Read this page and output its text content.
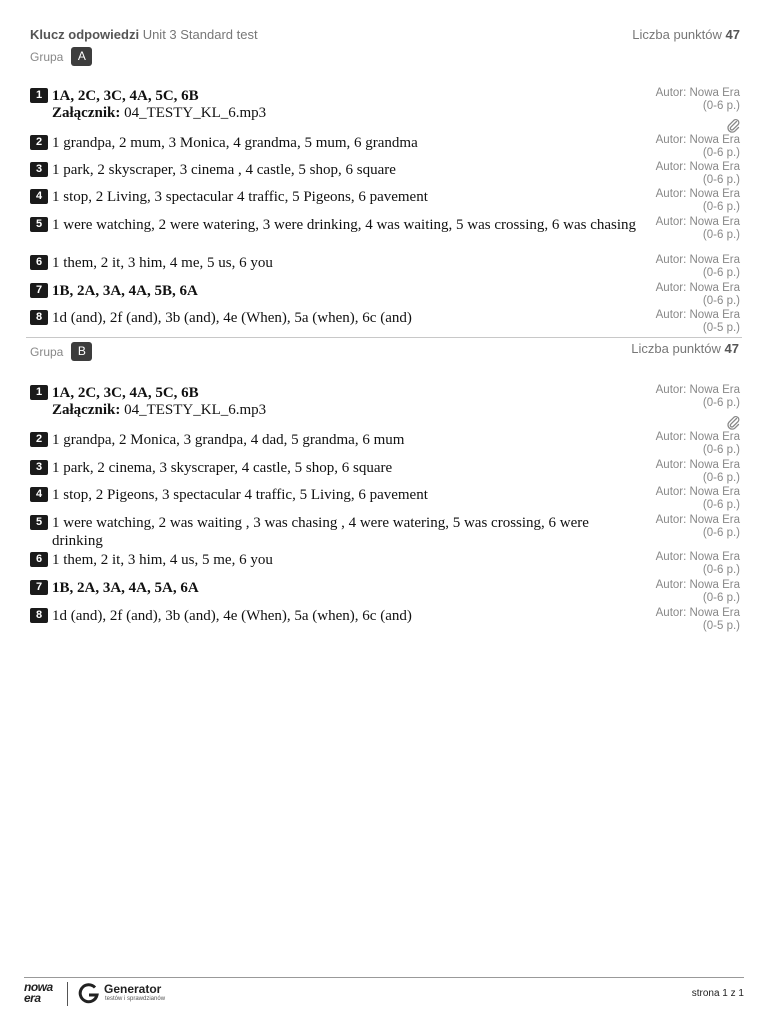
Klucz odpowiedzi Unit 3 Standard test	Liczba punktów 47
Grupa	A
1 1A, 2C, 3C, 4A, 5C, 6B
Załącznik: 04_TESTY_KL_6.mp3
Autor: Nowa Era
(0-6 p.)
2 1 grandpa, 2 mum, 3 Monica, 4 grandma, 5 mum, 6 grandma	Autor: Nowa Era
(0-6 p.)
3 1 park, 2 skyscraper, 3 cinema , 4 castle, 5 shop, 6 square	Autor: Nowa Era
(0-6 p.)
4 1 stop, 2 Living, 3 spectacular 4 traffic, 5 Pigeons, 6 pavement	Autor: Nowa Era
(0-6 p.)
5 1 were watching, 2 were watering, 3 were drinking, 4 was waiting, 5 was crossing, 6 was chasing Autor: Nowa Era
(0-6 p.)
6 1 them, 2 it, 3 him, 4 me, 5 us, 6 you	Autor: Nowa Era
(0-6 p.)
7 1B, 2A, 3A, 4A, 5B, 6A	Autor: Nowa Era
(0-6 p.)
8 1d (and), 2f (and), 3b (and), 4e (When), 5a (when), 6c (and)	Autor: Nowa Era
(0-5 p.)
Grupa	B	Liczba punktów 47
1 1A, 2C, 3C, 4A, 5C, 6B
Załącznik: 04_TESTY_KL_6.mp3
Autor: Nowa Era
(0-6 p.)
2 1 grandpa, 2 Monica, 3 grandpa, 4 dad, 5 grandma, 6 mum	Autor: Nowa Era
(0-6 p.)
3 1 park, 2 cinema, 3 skyscraper, 4 castle, 5 shop, 6 square	Autor: Nowa Era
(0-6 p.)
4 1 stop, 2 Pigeons, 3 spectacular 4 traffic, 5 Living, 6 pavement	Autor: Nowa Era
(0-6 p.)
5 1 were watching, 2 was waiting , 3 was chasing , 4 were watering, 5 was crossing, 6 were drinking
Autor: Nowa Era
(0-6 p.)
6 1 them, 2 it, 3 him, 4 us, 5 me, 6 you	Autor: Nowa Era
(0-6 p.)
7 1B, 2A, 3A, 4A, 5A, 6A	Autor: Nowa Era
(0-6 p.)
8 1d (and), 2f (and), 3b (and), 4e (When), 5a (when), 6c (and)	Autor: Nowa Era
(0-5 p.)
nowa
era
Generator
testów i sprawdzianów	strona 1 z 1
